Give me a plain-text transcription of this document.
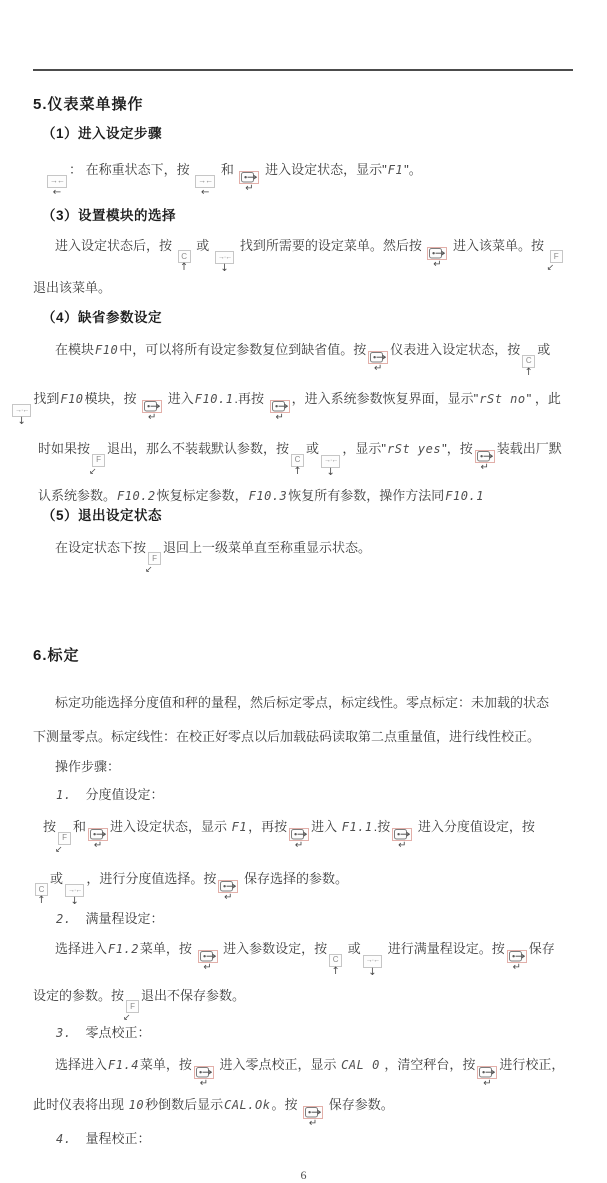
5.仪表菜单操作
（1）进入设定步骤
→←
←
： 在称重状态下，按
→←
←
和
↵
进入设定状态，显示"F1"。
（3）设置模块的选择
进入设定状态后，按
C
↑
或
→·←
↓
找到所需要的设定菜单。然后按
↵
进入该菜单。按
F
↙
退出该菜单。
（4）缺省参数设定
在模块F10中，可以将所有设定参数复位到缺省值。按
↵
仪表进入设定状态，按
C
↑
或
→·←
↓
找到F10模块，按
↵
进入F10.1.再按
↵
，进入系统参数恢复界面，显示"rSt no" ，此
时如果按
F
↙
退出，那么不装载默认参数，按
C
↑
或
→·←
↓
，显示"rSt yes"，按
↵
装载出厂默
认系统参数。F10.2恢复标定参数，F10.3恢复所有参数，操作方法同F10.1
（5）退出设定状态
在设定状态下按
F
↙
退回上一级菜单直至称重显示状态。
6.标定
标定功能选择分度值和秤的量程，然后标定零点，标定线性。零点标定：未加载的状态
下测量零点。标定线性：在校正好零点以后加载砝码读取第二点重量值，进行线性校正。
操作步骤：
1.　分度值设定：
按
F
↙
和
↵
进入设定状态，显示 F1，再按
↵
进入 F1.1.按
↵
进入分度值设定，按
C
↑
或
→·←
↓
，进行分度值选择。按
↵
保存选择的参数。
2.　满量程设定：
选择进入F1.2菜单，按
↵
进入参数设定，按
C
↑
或
→·←
↓
进行满量程设定。按
↵
保存
设定的参数。按
F
↙
退出不保存参数。
3.　零点校正：
选择进入F1.4菜单，按
↵
进入零点校正，显示 CAL 0 ，清空秤台，按
↵
进行校正，
此时仪表将出现 10秒倒数后显示CAL.Ok。按
↵
保存参数。
4.　量程校正：
6
